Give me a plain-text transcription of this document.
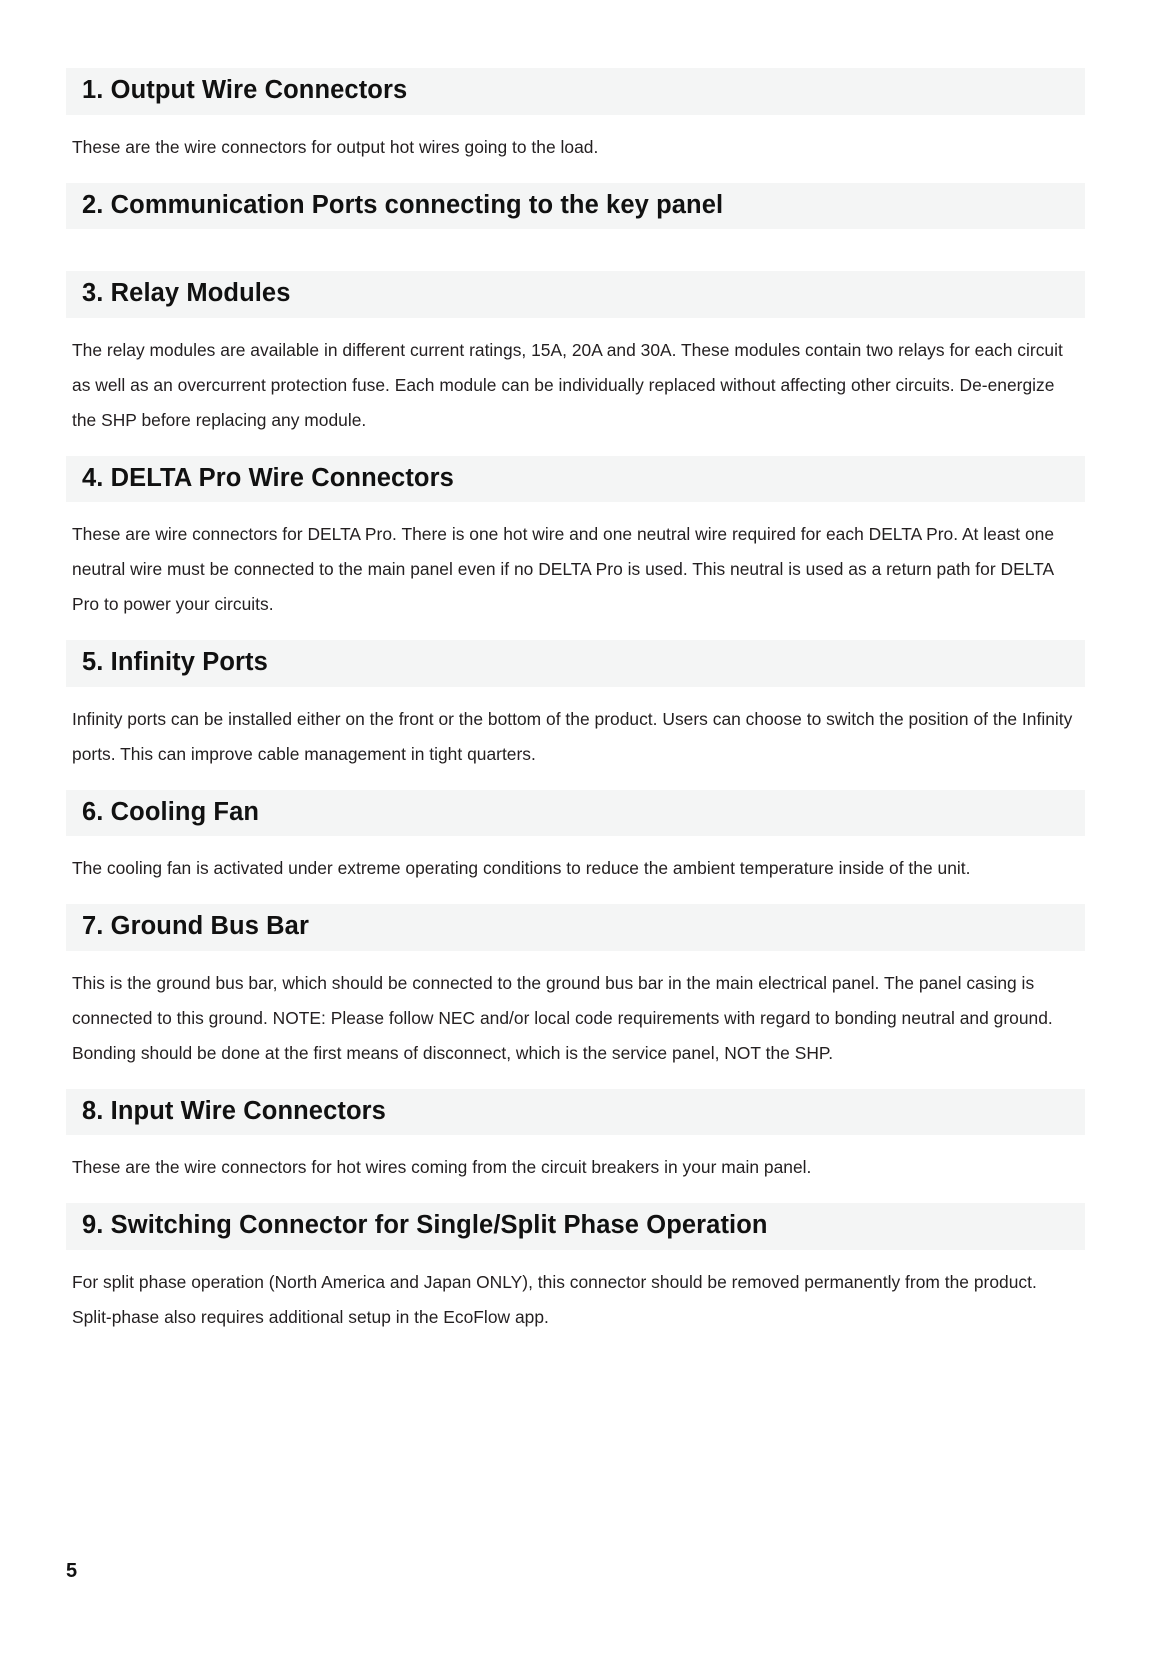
1. Output Wire Connectors

These are the wire connectors for output hot wires going to the load.

2. Communication Ports connecting to the key panel
3. Relay Modules

The relay modules are available in different current ratings, 15A, 20A and 30A. These modules contain two relays for each circuit as well as an overcurrent protection fuse. Each module can be individually replaced without affecting other circuits. De-energize the SHP before replacing any module.

4. DELTA Pro Wire Connectors

These are wire connectors for DELTA Pro. There is one hot wire and one neutral wire required for each DELTA Pro. At least one neutral wire must be connected to the main panel even if no DELTA Pro is used. This neutral is used as a return path for DELTA Pro to power your circuits.

5. Infinity Ports

Infinity ports can be installed either on the front or the bottom of the product. Users can choose to switch the position of the Infinity ports. This can improve cable management in tight quarters.

6. Cooling Fan

The cooling fan is activated under extreme operating conditions to reduce the ambient temperature inside of the unit.

7. Ground Bus Bar

This is the ground bus bar, which should be connected to the ground bus bar in the main electrical panel. The panel casing is connected to this ground. NOTE: Please follow NEC and/or local code requirements with regard to bonding neutral and ground. Bonding should be done at the first means of disconnect, which is the service panel, NOT the SHP.

8. Input Wire Connectors

These are the wire connectors for hot wires coming from the circuit breakers in your main panel.

9. Switching Connector for Single/Split Phase Operation

For split phase operation (North America and Japan ONLY), this connector should be removed permanently from the product. Split-phase also requires additional setup in the EcoFlow app.

5
